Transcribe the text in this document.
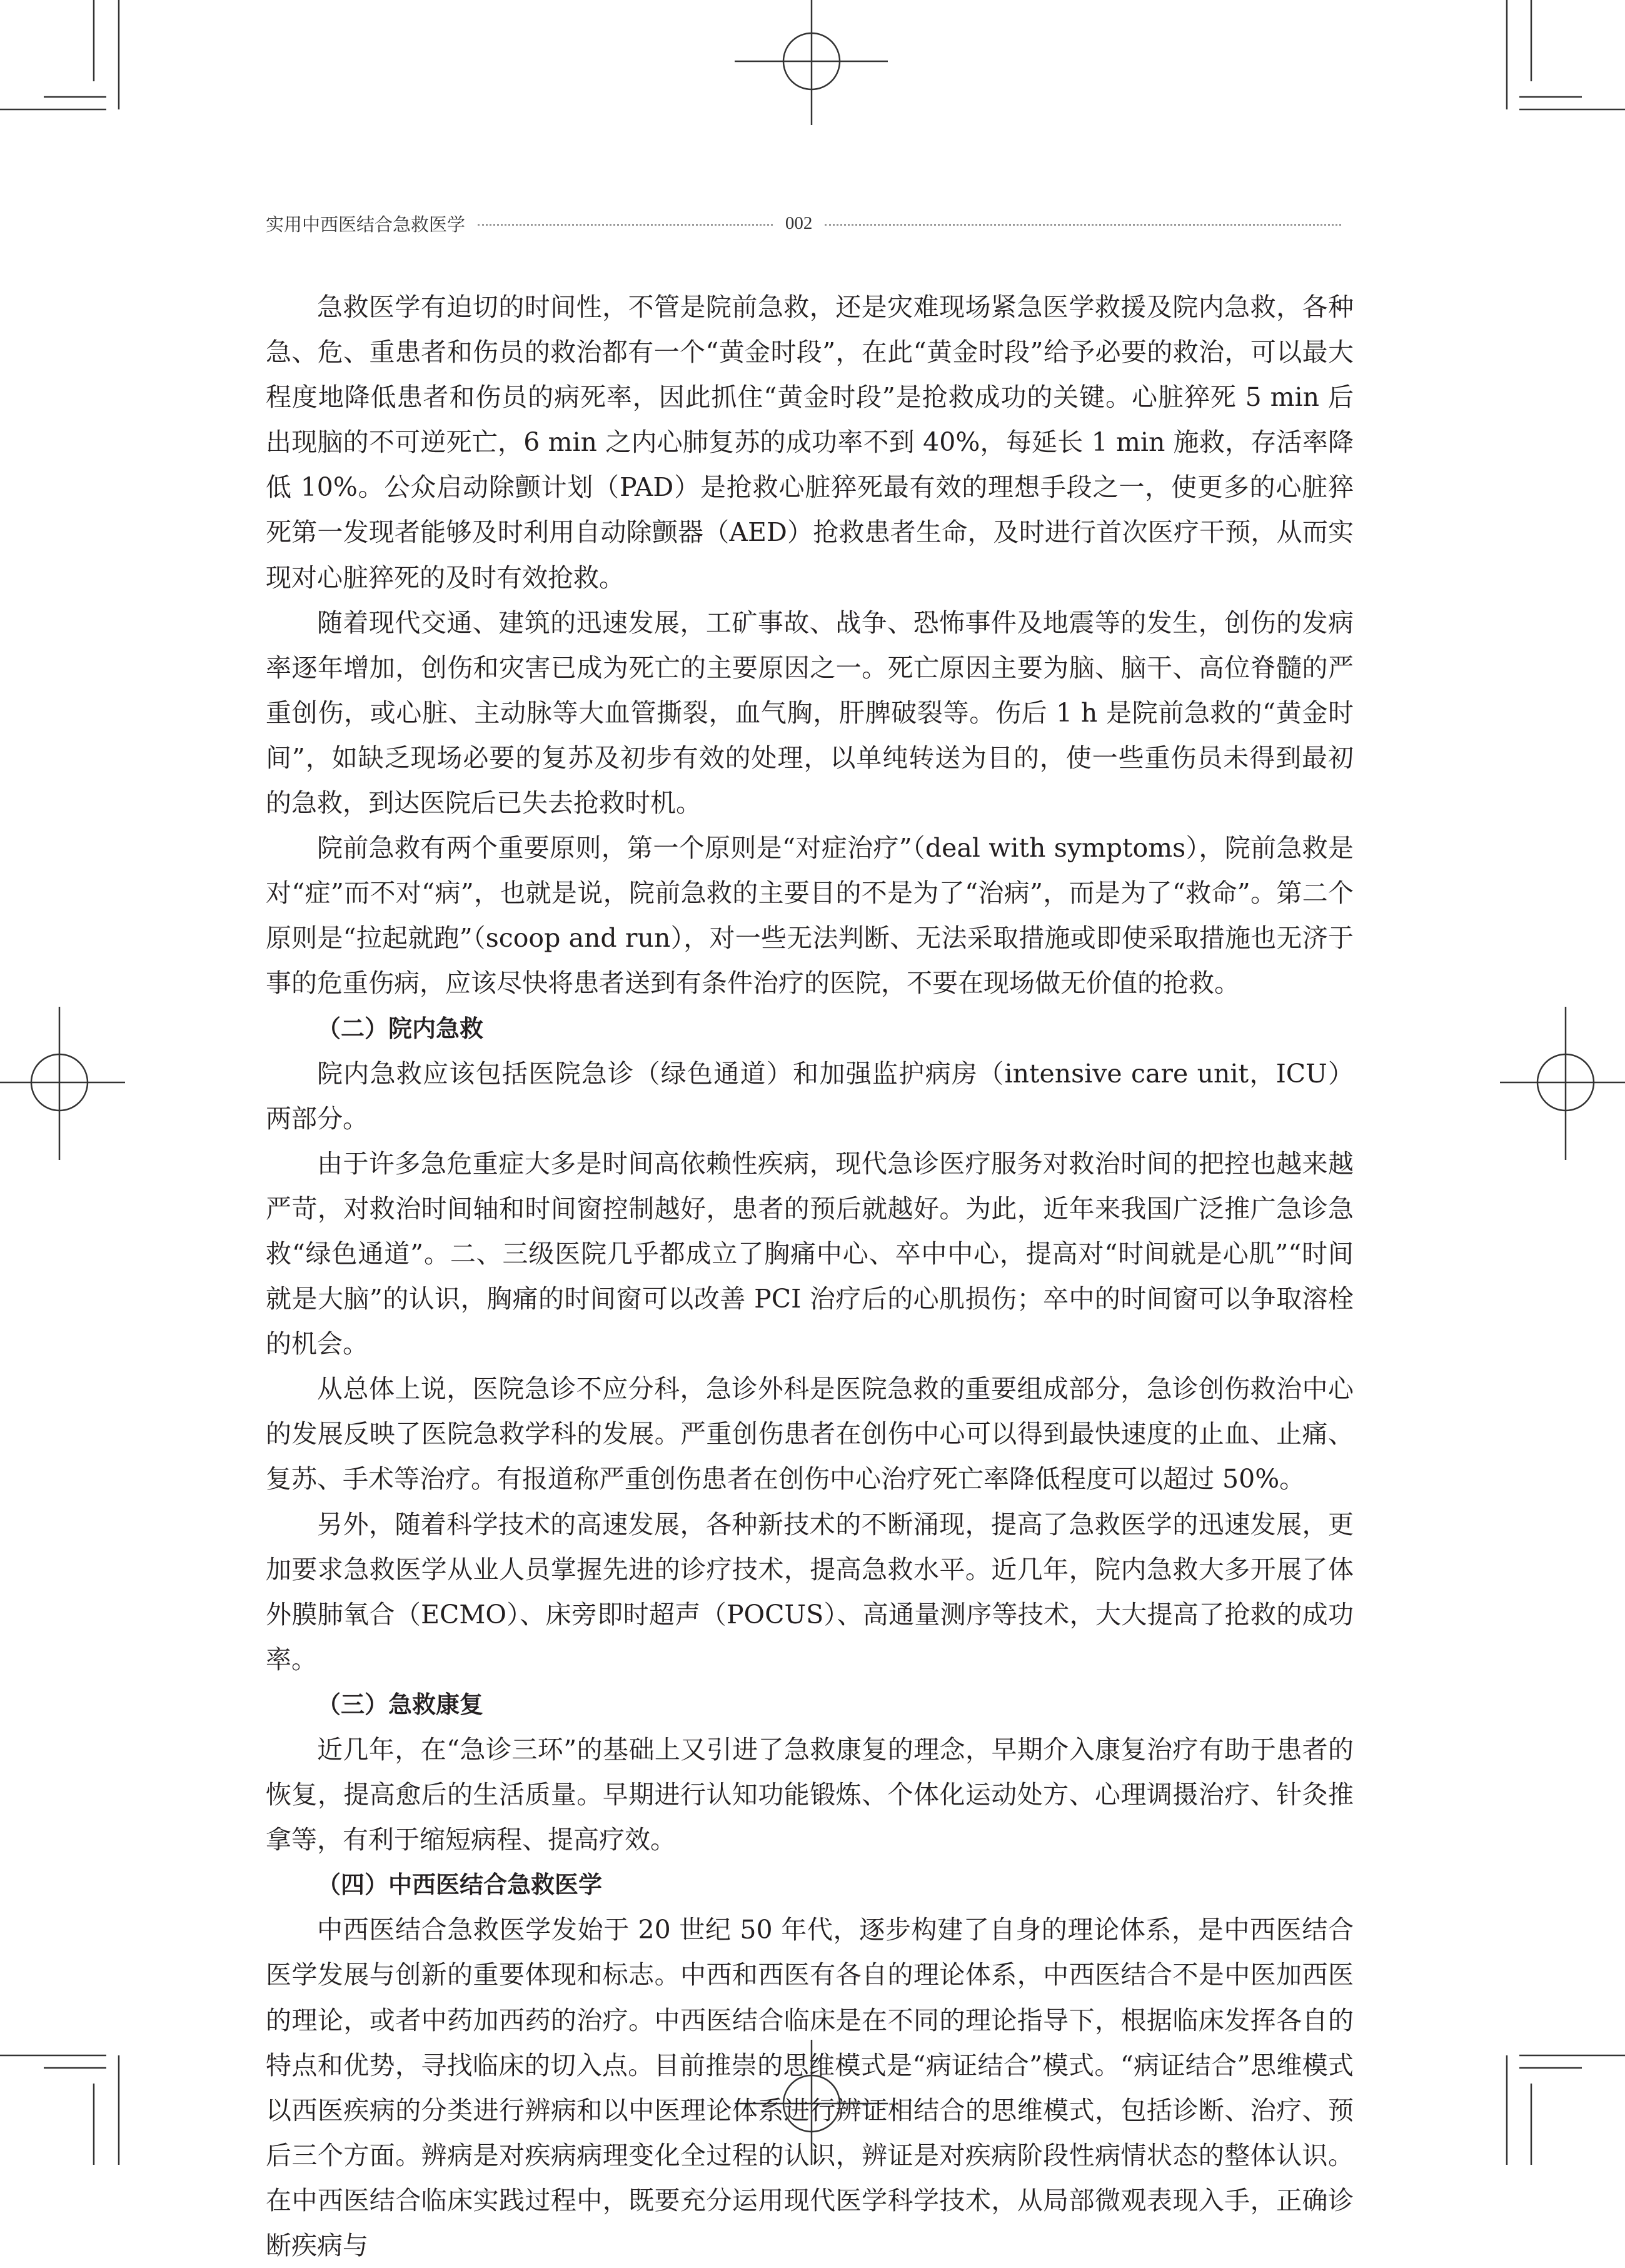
实用中西医结合急救医学	002

急救医学有迫切的时间性，不管是院前急救，还是灾难现场紧急医学救援及院内急救，各种急、危、重患者和伤员的救治都有一个“黄金时段”，在此“黄金时段”给予必要的救治，可以最大程度地降低患者和伤员的病死率，因此抓住“黄金时段”是抢救成功的关键。心脏猝死 5 min 后出现脑的不可逆死亡，6 min 之内心肺复苏的成功率不到 40%，每延长 1 min 施救，存活率降低 10%。公众启动除颤计划（PAD）是抢救心脏猝死最有效的理想手段之一，使更多的心脏猝死第一发现者能够及时利用自动除颤器（AED）抢救患者生命，及时进行首次医疗干预，从而实现对心脏猝死的及时有效抢救。

随着现代交通、建筑的迅速发展，工矿事故、战争、恐怖事件及地震等的发生，创伤的发病率逐年增加，创伤和灾害已成为死亡的主要原因之一。死亡原因主要为脑、脑干、高位脊髓的严重创伤，或心脏、主动脉等大血管撕裂，血气胸，肝脾破裂等。伤后 1 h 是院前急救的“黄金时间”，如缺乏现场必要的复苏及初步有效的处理，以单纯转送为目的，使一些重伤员未得到最初的急救，到达医院后已失去抢救时机。

院前急救有两个重要原则，第一个原则是“对症治疗”（deal with symptoms），院前急救是对“症”而不对“病”，也就是说，院前急救的主要目的不是为了“治病”，而是为了“救命”。第二个原则是“拉起就跑”（scoop and run），对一些无法判断、无法采取措施或即使采取措施也无济于事的危重伤病，应该尽快将患者送到有条件治疗的医院，不要在现场做无价值的抢救。

（二）院内急救

院内急救应该包括医院急诊（绿色通道）和加强监护病房（intensive care unit，ICU）两部分。

由于许多急危重症大多是时间高依赖性疾病，现代急诊医疗服务对救治时间的把控也越来越严苛，对救治时间轴和时间窗控制越好，患者的预后就越好。为此，近年来我国广泛推广急诊急救“绿色通道”。二、三级医院几乎都成立了胸痛中心、卒中中心，提高对“时间就是心肌”“时间就是大脑”的认识，胸痛的时间窗可以改善 PCI 治疗后的心肌损伤；卒中的时间窗可以争取溶栓的机会。

从总体上说，医院急诊不应分科，急诊外科是医院急救的重要组成部分，急诊创伤救治中心的发展反映了医院急救学科的发展。严重创伤患者在创伤中心可以得到最快速度的止血、止痛、复苏、手术等治疗。有报道称严重创伤患者在创伤中心治疗死亡率降低程度可以超过 50%。

另外，随着科学技术的高速发展，各种新技术的不断涌现，提高了急救医学的迅速发展，更加要求急救医学从业人员掌握先进的诊疗技术，提高急救水平。近几年，院内急救大多开展了体外膜肺氧合（ECMO）、床旁即时超声（POCUS）、高通量测序等技术，大大提高了抢救的成功率。

（三）急救康复

近几年，在“急诊三环”的基础上又引进了急救康复的理念，早期介入康复治疗有助于患者的恢复，提高愈后的生活质量。早期进行认知功能锻炼、个体化运动处方、心理调摄治疗、针灸推拿等，有利于缩短病程、提高疗效。

（四）中西医结合急救医学

中西医结合急救医学发始于 20 世纪 50 年代，逐步构建了自身的理论体系，是中西医结合医学发展与创新的重要体现和标志。中西和西医有各自的理论体系，中西医结合不是中医加西医的理论，或者中药加西药的治疗。中西医结合临床是在不同的理论指导下，根据临床发挥各自的特点和优势，寻找临床的切入点。目前推崇的思维模式是“病证结合”模式。“病证结合”思维模式以西医疾病的分类进行辨病和以中医理论体系进行辨证相结合的思维模式，包括诊断、治疗、预后三个方面。辨病是对疾病病理变化全过程的认识，辨证是对疾病阶段性病情状态的整体认识。在中西医结合临床实践过程中，既要充分运用现代医学科学技术，从局部微观表现入手，正确诊断疾病与
